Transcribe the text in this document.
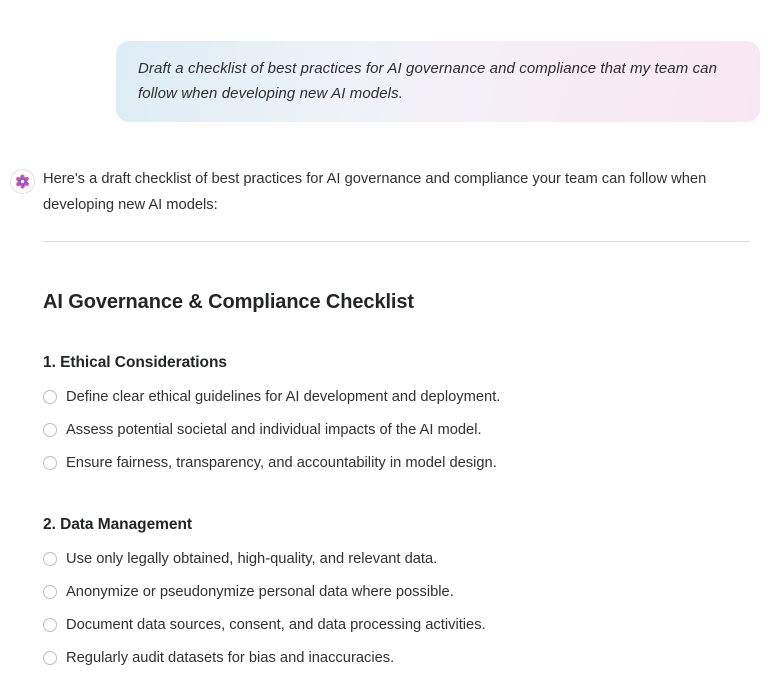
Draft a checklist of best practices for AI governance and compliance that my team can follow when developing new AI models.
Here's a draft checklist of best practices for AI governance and compliance your team can follow when developing new AI models:
AI Governance & Compliance Checklist
1. Ethical Considerations
Define clear ethical guidelines for AI development and deployment.
Assess potential societal and individual impacts of the AI model.
Ensure fairness, transparency, and accountability in model design.
2. Data Management
Use only legally obtained, high-quality, and relevant data.
Anonymize or pseudonymize personal data where possible.
Document data sources, consent, and data processing activities.
Regularly audit datasets for bias and inaccuracies.
